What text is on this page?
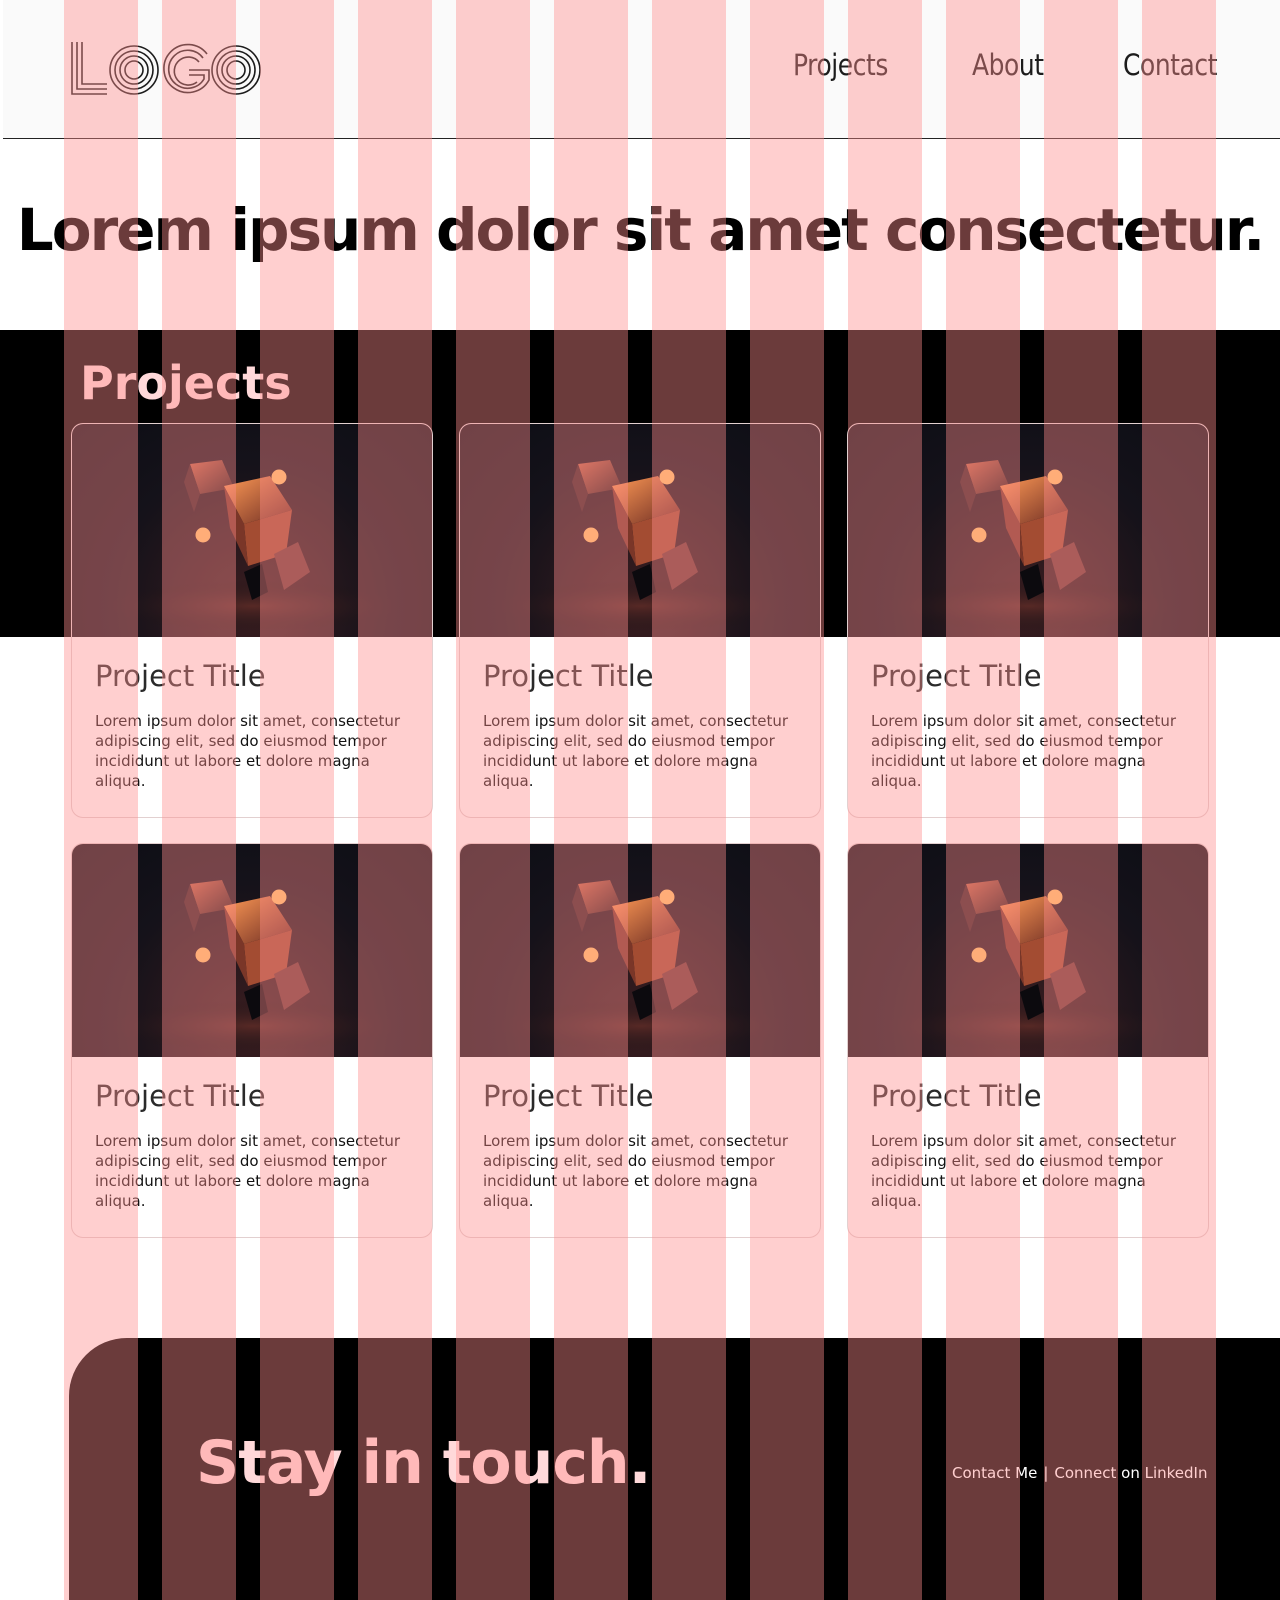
Projects	About	Contact
Lorem ipsum dolor sit amet consectetur.
Projects
Project Title

Lorem ipsum dolor sit amet, consectetur adipiscing elit, sed do eiusmod tempor incididunt ut labore et dolore magna aliqua.

Project Title

Lorem ipsum dolor sit amet, consectetur adipiscing elit, sed do eiusmod tempor incididunt ut labore et dolore magna aliqua.

Project Title

Lorem ipsum dolor sit amet, consectetur adipiscing elit, sed do eiusmod tempor incididunt ut labore et dolore magna aliqua.

Project Title

Lorem ipsum dolor sit amet, consectetur adipiscing elit, sed do eiusmod tempor incididunt ut labore et dolore magna aliqua.

Project Title

Lorem ipsum dolor sit amet, consectetur adipiscing elit, sed do eiusmod tempor incididunt ut labore et dolore magna aliqua.

Project Title

Lorem ipsum dolor sit amet, consectetur adipiscing elit, sed do eiusmod tempor incididunt ut labore et dolore magna aliqua.

Stay in touch.	Contact Me | Connect on LinkedIn
